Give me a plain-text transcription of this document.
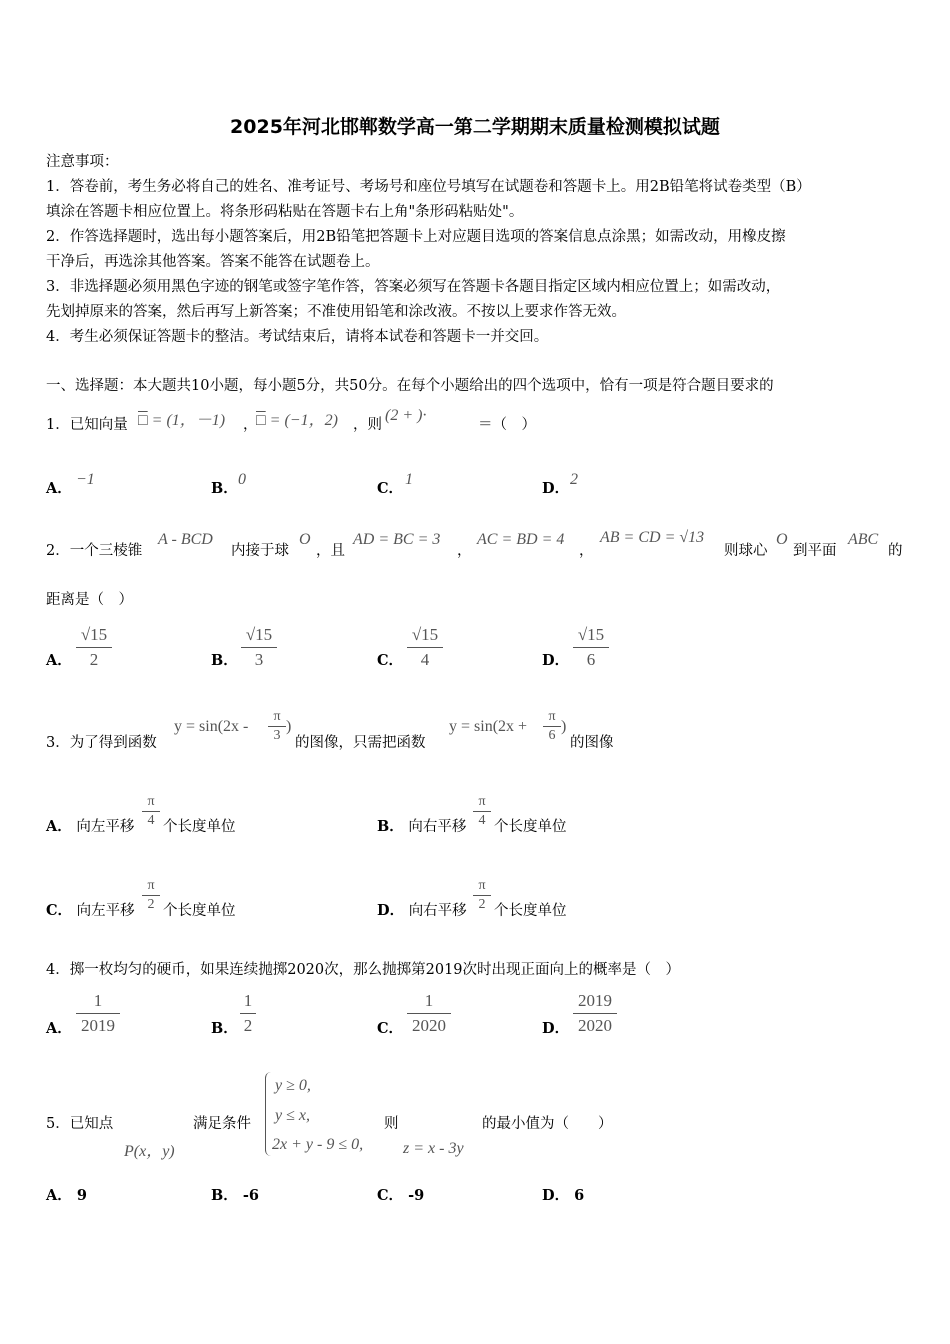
2025年河北邯郸数学高一第二学期期末质量检测模拟试题
注意事项：
1．答卷前，考生务必将自己的姓名、准考证号、考场号和座位号填写在试题卷和答题卡上。用2B铅笔将试卷类型（B）
填涂在答题卡相应位置上。将条形码粘贴在答题卡右上角"条形码粘贴处"。
2．作答选择题时，选出每小题答案后，用2B铅笔把答题卡上对应题目选项的答案信息点涂黑；如需改动，用橡皮擦
干净后，再选涂其他答案。答案不能答在试题卷上。
3．非选择题必须用黑色字迹的钢笔或签字笔作答，答案必须写在答题卡各题目指定区域内相应位置上；如需改动，
先划掉原来的答案，然后再写上新答案；不准使用铅笔和涂改液。不按以上要求作答无效。
4．考生必须保证答题卡的整洁。考试结束后，请将本试卷和答题卡一并交回。
一、选择题：本大题共10小题，每小题5分，共50分。在每个小题给出的四个选项中，恰有一项是符合题目要求的
1．已知向量 □ = (1，－1) ，
□ = (−1，2) ，则
(2 + )·
＝（　）
A．
−1
B．
0
C．
1
D．
2
2．一个三棱锥
A - BCD
内接于球
O
，且
AD = BC = 3
，
AC = BD = 4
，
AB = CD = √13
则球心
O
到平面
ABC
的
距离是（　）
A．
√15
2	B．
√15
3	C．
√15
4	D．
√15
6
3．为了得到函数
y = sin(2x -
π
3
)
的图像，只需把函数
y = sin(2x +
π
6
)
的图像
A． 向左平移
π
4 个长度单位	B． 向右平移
π
4 个长度单位
C． 向左平移
π
2 个长度单位	D． 向右平移
π
2 个长度单位
4．掷一枚均匀的硬币，如果连续抛掷2020次，那么抛掷第2019次时出现正面向上的概率是（　）
A．
1
2019	B．
1
2	C．
1
2020	D．
2019
2020
5．已知点
P(x，y)
满足条件
y ≥ 0,
y ≤ x,
2x + y - 9 ≤ 0,
则
z = x - 3y
的最小值为（　　）
A． 9	B． -6	C． -9	D． 6
